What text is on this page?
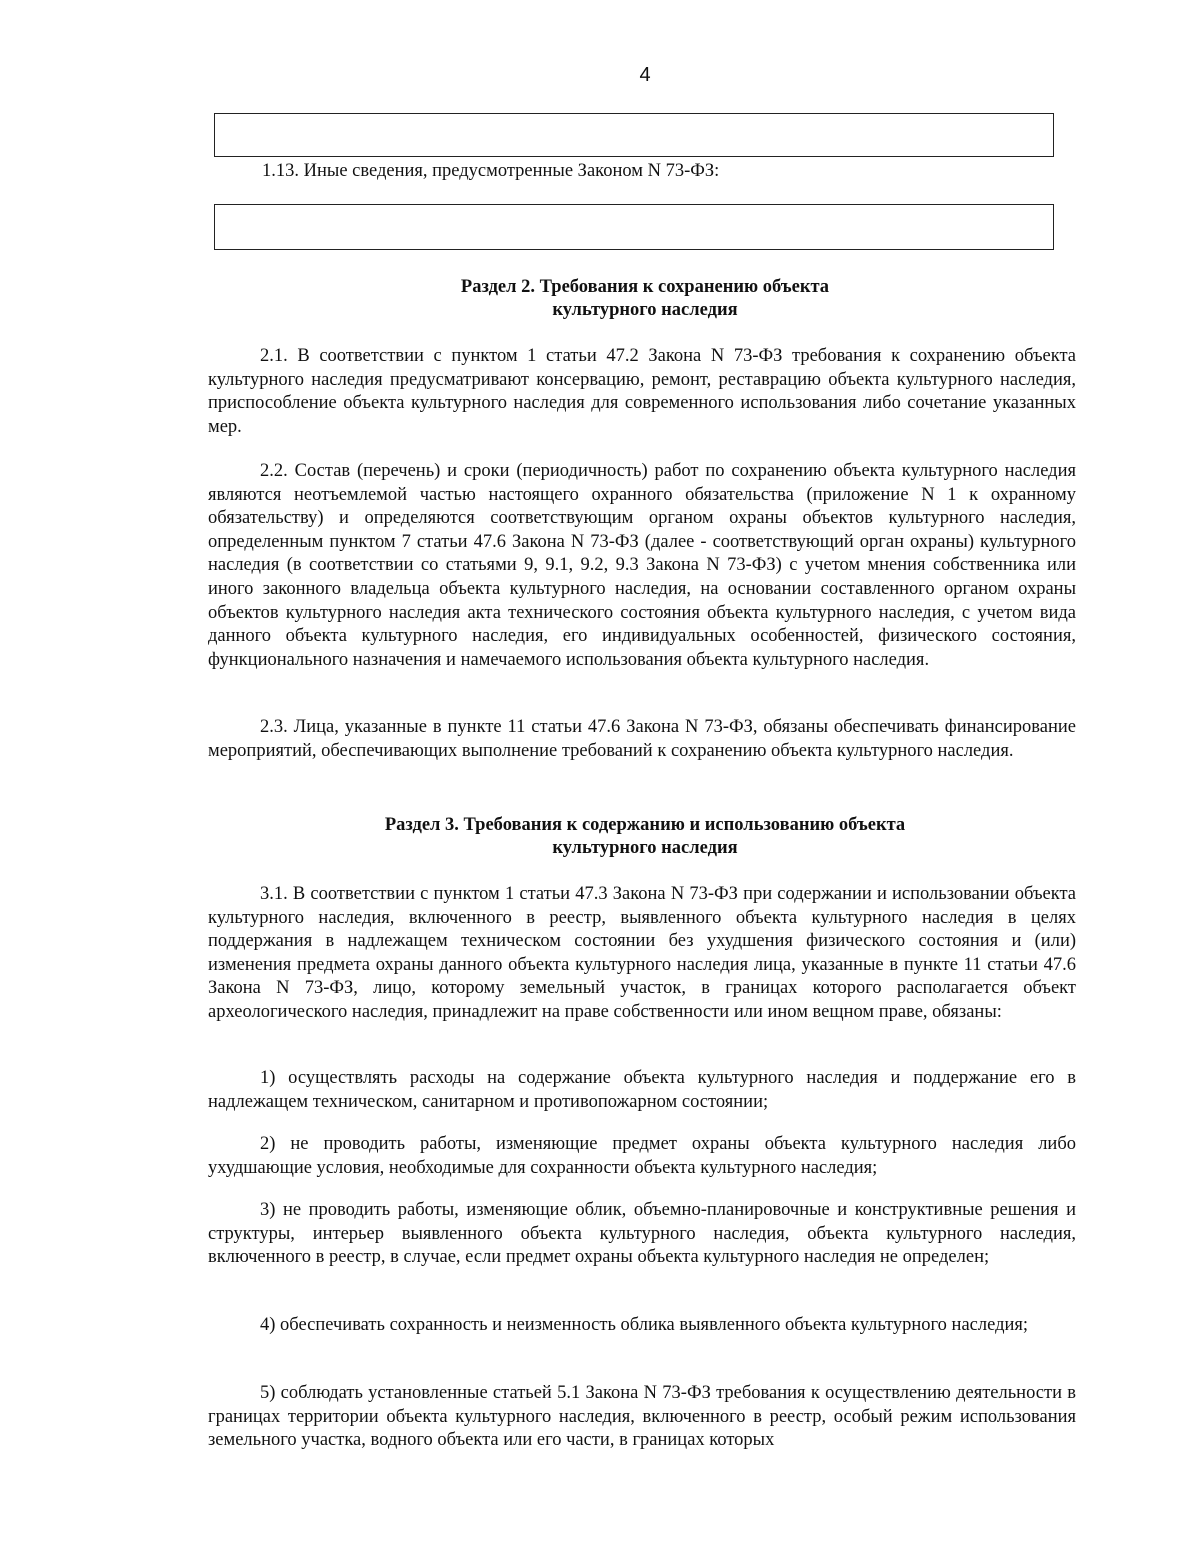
4
1.13. Иные сведения, предусмотренные Законом N 73-ФЗ:
Раздел 2. Требования к сохранению объекта
культурного наследия

2.1. В соответствии с пунктом 1 статьи 47.2 Закона N 73-ФЗ требования к сохранению объекта культурного наследия предусматривают консервацию, ремонт, реставрацию объекта культурного наследия, приспособление объекта культурного наследия для современного использования либо сочетание указанных мер.

2.2. Состав (перечень) и сроки (периодичность) работ по сохранению объекта культурного наследия являются неотъемлемой частью настоящего охранного обязательства (приложение N 1 к охранному обязательству) и определяются соответствующим органом охраны объектов культурного наследия, определенным пунктом 7 статьи 47.6 Закона N 73-ФЗ (далее - соответствующий орган охраны) культурного наследия (в соответствии со статьями 9, 9.1, 9.2, 9.3 Закона N 73-ФЗ) с учетом мнения собственника или иного законного владельца объекта культурного наследия, на основании составленного органом охраны объектов культурного наследия акта технического состояния объекта культурного наследия, с учетом вида данного объекта культурного наследия, его индивидуальных особенностей, физического состояния, функционального назначения и намечаемого использования объекта культурного наследия.

2.3. Лица, указанные в пункте 11 статьи 47.6 Закона N 73-ФЗ, обязаны обеспечивать финансирование мероприятий, обеспечивающих выполнение требований к сохранению объекта культурного наследия.

Раздел 3. Требования к содержанию и использованию объекта
культурного наследия

3.1. В соответствии с пунктом 1 статьи 47.3 Закона N 73-ФЗ при содержании и использовании объекта культурного наследия, включенного в реестр, выявленного объекта культурного наследия в целях поддержания в надлежащем техническом состоянии без ухудшения физического состояния и (или) изменения предмета охраны данного объекта культурного наследия лица, указанные в пункте 11 статьи 47.6 Закона N 73-ФЗ, лицо, которому земельный участок, в границах которого располагается объект археологического наследия, принадлежит на праве собственности или ином вещном праве, обязаны:

1) осуществлять расходы на содержание объекта культурного наследия и поддержание его в надлежащем техническом, санитарном и противопожарном состоянии;

2) не проводить работы, изменяющие предмет охраны объекта культурного наследия либо ухудшающие условия, необходимые для сохранности объекта культурного наследия;

3) не проводить работы, изменяющие облик, объемно-планировочные и конструктивные решения и структуры, интерьер выявленного объекта культурного наследия, объекта культурного наследия, включенного в реестр, в случае, если предмет охраны объекта культурного наследия не определен;

4) обеспечивать сохранность и неизменность облика выявленного объекта культурного наследия;

5) соблюдать установленные статьей 5.1 Закона N 73-ФЗ требования к осуществлению деятельности в границах территории объекта культурного наследия, включенного в реестр, особый режим использования земельного участка, водного объекта или его части, в границах которых
